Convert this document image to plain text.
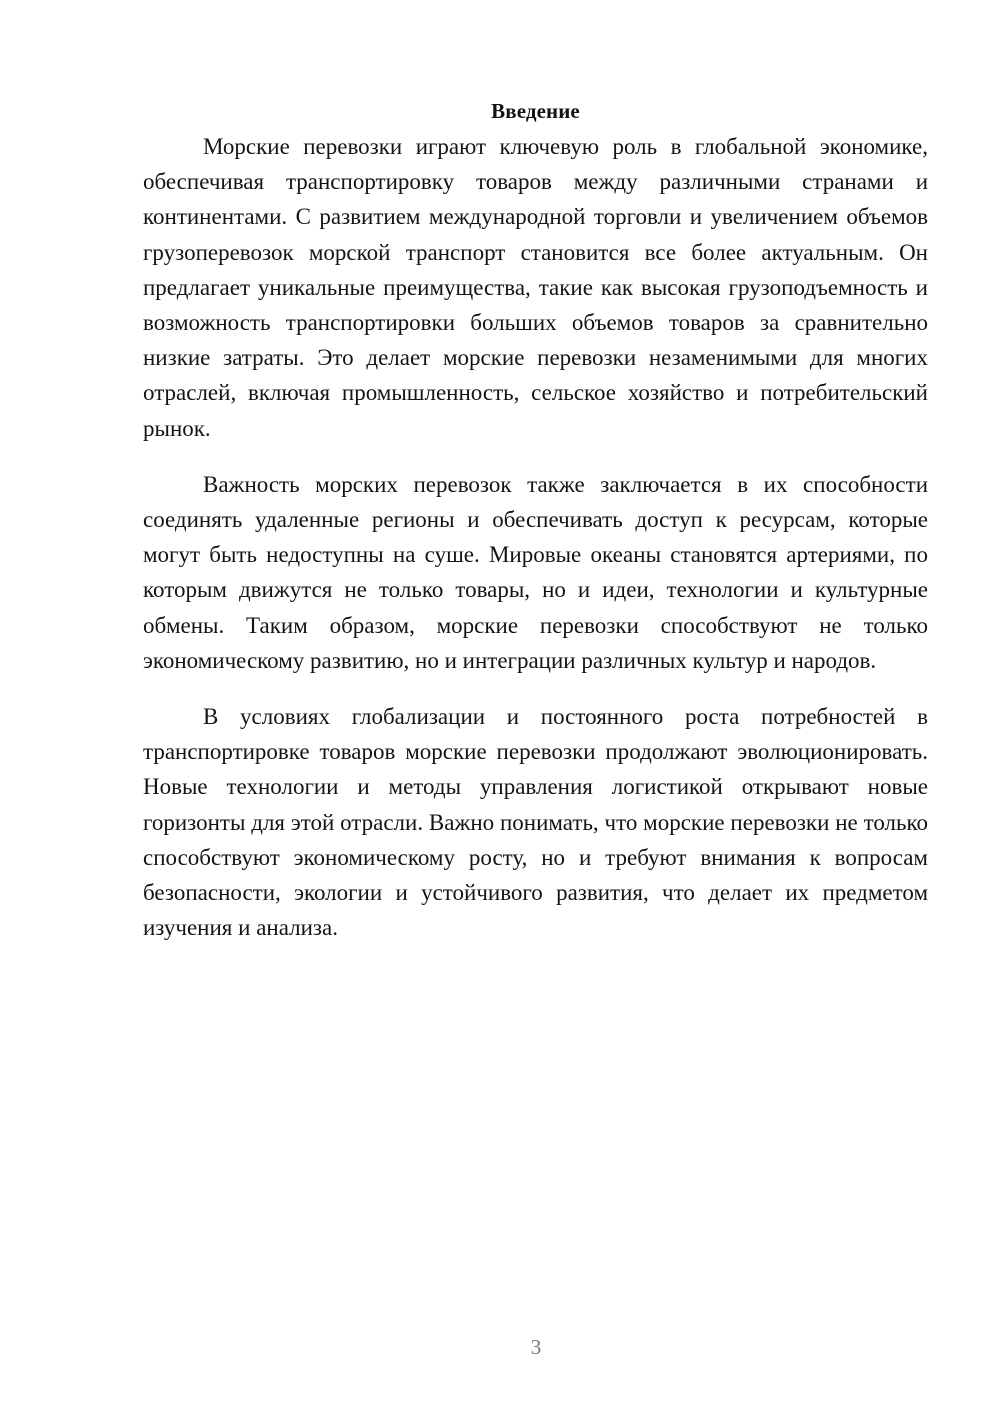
Введение

Морские перевозки играют ключевую роль в глобальной экономике, обеспечивая транспортировку товаров между различными странами и континентами. С развитием международной торговли и увеличением объемов грузоперевозок морской транспорт становится все более актуальным. Он предлагает уникальные преимущества, такие как высокая грузоподъемность и возможность транспортировки больших объемов товаров за сравнительно низкие затраты. Это делает морские перевозки незаменимыми для многих отраслей, включая промышленность, сельское хозяйство и потребительский рынок.

Важность морских перевозок также заключается в их способности соединять удаленные регионы и обеспечивать доступ к ресурсам, которые могут быть недоступны на суше. Мировые океаны становятся артериями, по которым движутся не только товары, но и идеи, технологии и культурные обмены. Таким образом, морские перевозки способствуют не только экономическому развитию, но и интеграции различных культур и народов.

В условиях глобализации и постоянного роста потребностей в транспортировке товаров морские перевозки продолжают эволюционировать. Новые технологии и методы управления логистикой открывают новые горизонты для этой отрасли. Важно понимать, что морские перевозки не только способствуют экономическому росту, но и требуют внимания к вопросам безопасности, экологии и устойчивого развития, что делает их предметом изучения и анализа.

3
